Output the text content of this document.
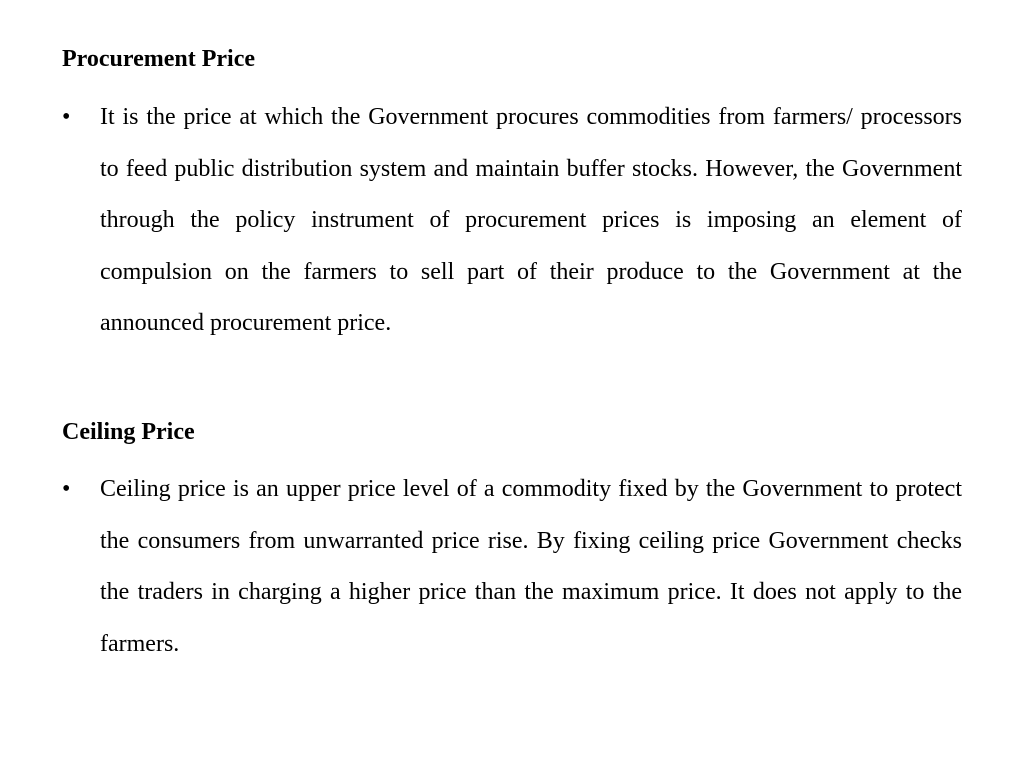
Procurement Price
•	It is the price at which the Government procures commodities from farmers/ processors to feed public distribution system and maintain buffer stocks. However, the Government through the policy instrument of procurement prices is imposing an element of compulsion on the farmers to sell part of their produce to the Government at the announced procurement price.

Ceiling Price
•	Ceiling price is an upper price level of a commodity fixed by the Government to protect the consumers from unwarranted price rise. By fixing ceiling price Government checks the traders in charging a higher price than the maximum price. It does not apply to the farmers.
